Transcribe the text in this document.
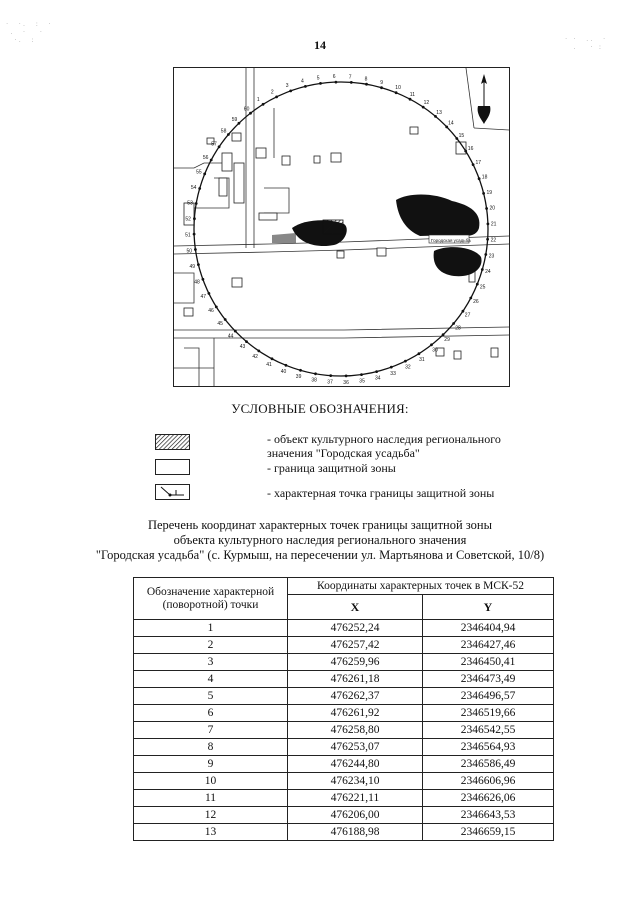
·  ·.  :  ·
.  ·   ·
·.  :	· ·  ..  ·
.   · :
14
Городская усадьба
11
12
13
14
15
16
17
18
19
20
21
22
23
24
25
26
27
28
29
30
31
32
33
34
35
36
37
38
39
40
41
42
43
44
45
46
47
48
49
50
51
52
53
54
55
56
57
58
59
60
1
2
3
4	5	6	7	8
9
10
УСЛОВНЫЕ ОБОЗНАЧЕНИЯ:
- объект культурного наследия регионального
значения "Городская усадьба"
- граница защитной зоны
- характерная точка границы защитной зоны
Перечень координат характерных точек границы защитной зоны
объекта культурного наследия регионального значения
"Городская усадьба" (с. Курмыш, на пересечении ул. Мартьянова и Советской, 10/8)
Обозначение характерной (поворотной) точки	Координаты характерных точек в МСК-52	
	X	Y
1	476252,24	2346404,94
2	476257,42	2346427,46
3	476259,96	2346450,41
4	476261,18	2346473,49
5	476262,37	2346496,57
6	476261,92	2346519,66
7	476258,80	2346542,55
8	476253,07	2346564,93
9	476244,80	2346586,49
10	476234,10	2346606,96
11	476221,11	2346626,06
12	476206,00	2346643,53
13	476188,98	2346659,15
